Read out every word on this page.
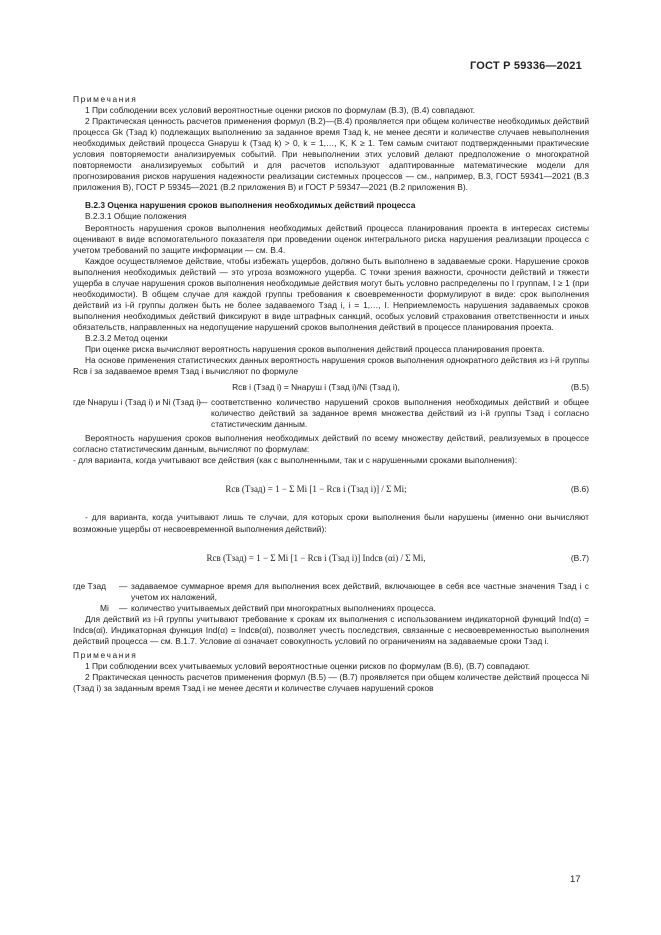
ГОСТ Р 59336—2021
Примечания
1 При соблюдении всех условий вероятностные оценки рисков по формулам (В.3), (В.4) совпадают.
2 Практическая ценность расчетов применения формул (В.2)—(В.4) проявляется при общем количестве необходимых действий процесса Gk (Тзад k) подлежащих выполнению за заданное время Тзад k, не менее десяти и количестве случаев невыполнения необходимых действий процесса Gнаруш k (Тзад k) > 0, k = 1,…, K, K ≥ 1. Тем самым считают подтвержденными практические условия повторяемости анализируемых событий. При невыполнении этих условий делают предположение о многократной повторяемости анализируемых событий и для расчетов используют адаптированные математические модели для прогнозирования рисков нарушения надежности реализации системных процессов — см., например, В.3, ГОСТ 59341—2021 (В.3 приложения В), ГОСТ Р 59345—2021 (В.2 приложения В) и ГОСТ Р 59347—2021 (В.2 приложения В).
В.2.3 Оценка нарушения сроков выполнения необходимых действий процесса
В.2.3.1 Общие положения
Вероятность нарушения сроков выполнения необходимых действий процесса планирования проекта в интересах системы оценивают в виде вспомогательного показателя при проведении оценок интегрального риска нарушения реализации процесса с учетом требований по защите информации — см. В.4.
Каждое осуществляемое действие, чтобы избежать ущербов, должно быть выполнено в задаваемые сроки. Нарушение сроков выполнения необходимых действий — это угроза возможного ущерба. С точки зрения важности, срочности действий и тяжести ущерба в случае нарушения сроков выполнения необходимые действия могут быть условно распределены по I группам, I ≥ 1 (при необходимости). В общем случае для каждой группы требования к своевременности формулируют в виде: срок выполнения действий из i-й группы должен быть не более задаваемого Тзад i, i = 1,…, I. Неприемлемость нарушения задаваемых сроков выполнения необходимых действий фиксируют в виде штрафных санкций, особых условий страхования ответственности и иных обязательств, направленных на недопущение нарушений сроков выполнения действий в процессе планирования проекта.
В.2.3.2 Метод оценки
При оценке риска вычисляют вероятность нарушения сроков выполнения действий процесса планирования проекта.
На основе применения статистических данных вероятность нарушения сроков выполнения однократного действия из i-й группы Rсв i за задаваемое время Тзад i вычисляют по формуле
Rсв i (Тзад i) = Nнаруш i (Тзад i)/Ni (Тзад i),	(В.5)
где Nнаруш i (Тзад i) и Ni (Тзад i)
— соответственно количество нарушений сроков выполнения необходимых действий и общее количество действий за заданное время множества действий из i-й группы Тзад i согласно статистическим данным.
Вероятность нарушения сроков выполнения необходимых действий по всему множеству действий, реализуемых в процессе согласно статистическим данным, вычисляют по формулам:
- для варианта, когда учитывают все действия (как с выполненными, так и с нарушенными сроками выполнения):
Rсв (Тзад) = 1 − Σ Mi [1 − Rсв i (Тзад i)] / Σ Mi;	(В.6)
- для варианта, когда учитывают лишь те случаи, для которых сроки выполнения были нарушены (именно они вычисляют возможные ущербы от несвоевременной выполнения действий):
Rсв (Тзад) = 1 − Σ Mi [1 − Rсв i (Тзад i)] Indсв (αi) / Σ Mi,	(В.7)
где Тзад — задаваемое суммарное время для выполнения всех действий, включающее в себя все частные значения Тзад i с учетом их наложений,
Mi — количество учитываемых действий при многократных выполнениях процесса.
Для действий из i-й группы учитывают требование к срокам их выполнения с использованием индикаторной функций Ind(α) = Indсв(αi). Индикаторная функция Ind(α) = Indсв(αi), позволяет учесть последствия, связанные с несвоевременностью выполнения действий процесса — см. В.1.7. Условие αi означает совокупность условий по ограничениям на задаваемые сроки Тзад i.
Примечания
1 При соблюдении всех учитываемых условий вероятностные оценки рисков по формулам (В.6), (В.7) совпадают.
2 Практическая ценность расчетов применения формул (В.5) — (В.7) проявляется при общем количестве действий процесса Ni (Тзад i) за заданным время Тзад i не менее десяти и количестве случаев нарушений сроков
17
